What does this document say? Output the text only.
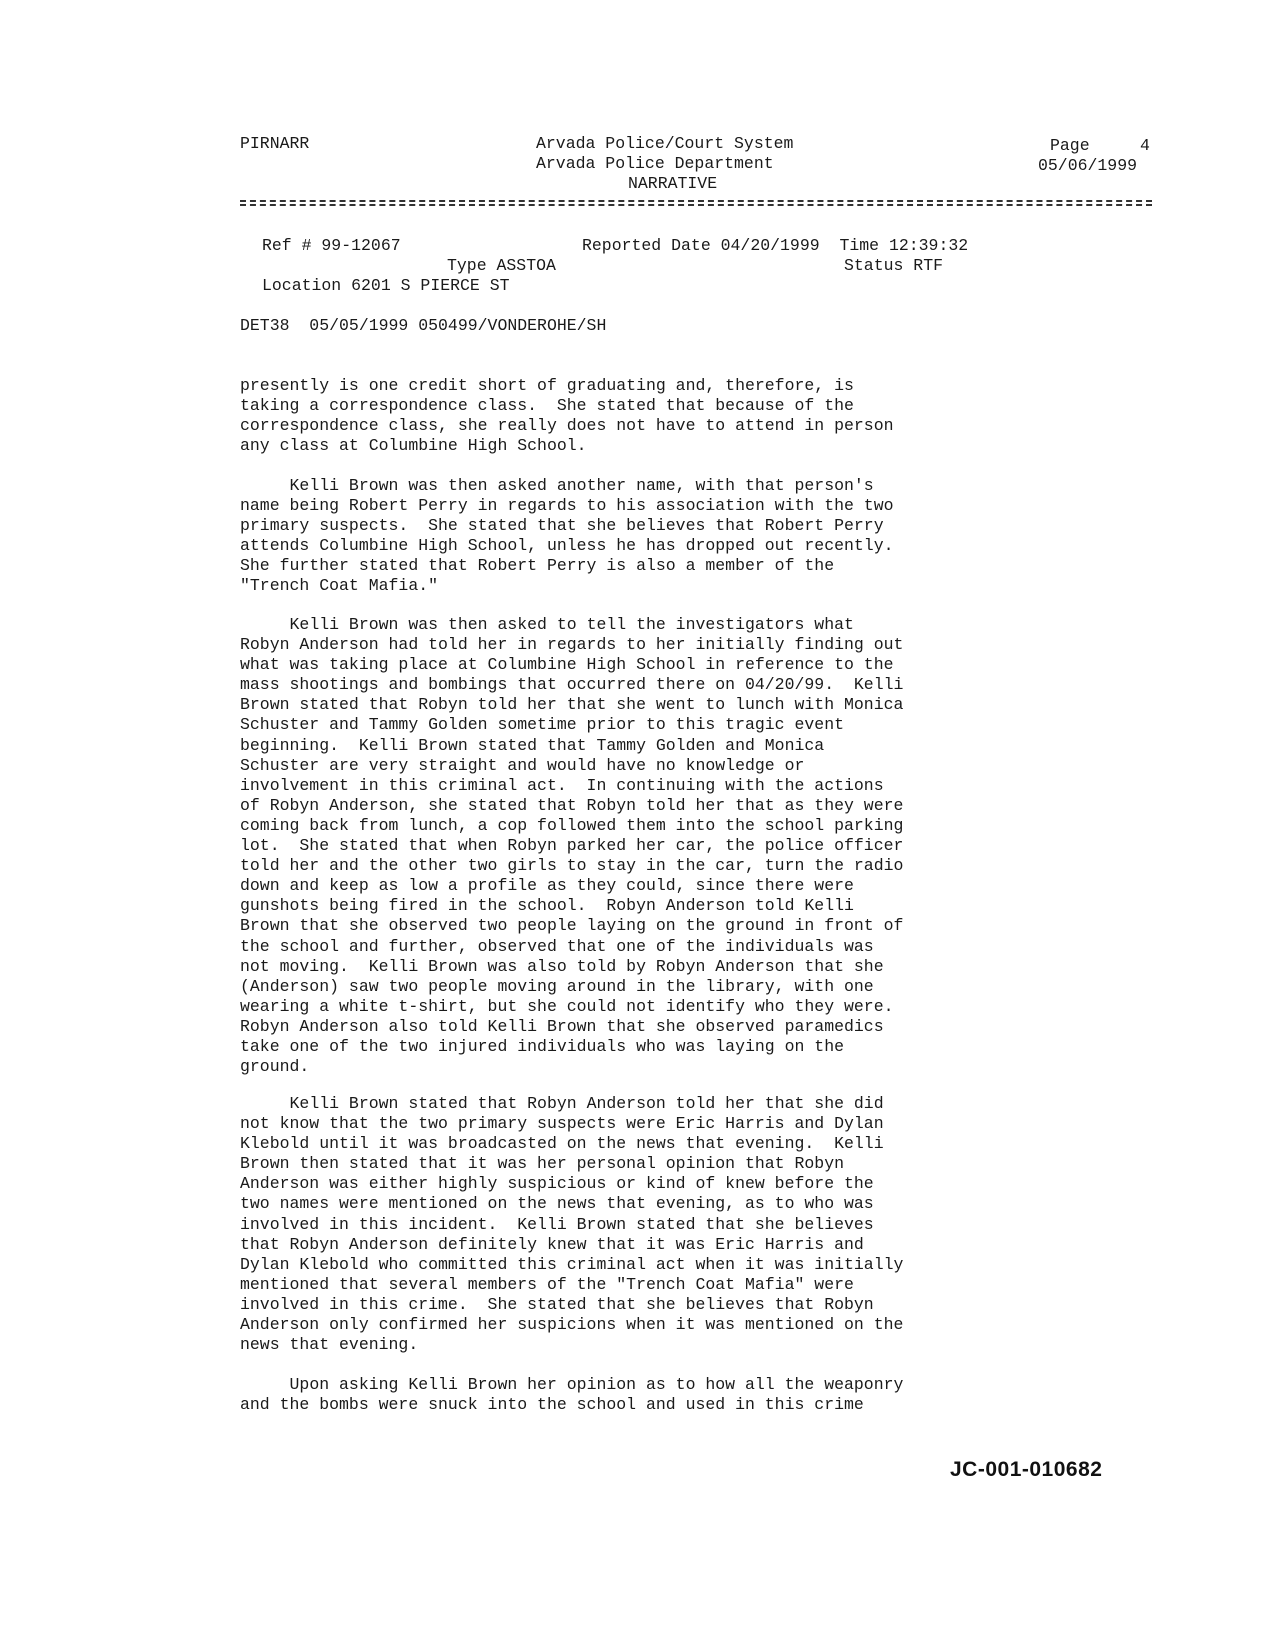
PIRNARR	Arvada Police/Court System
Arvada Police Department
NARRATIVE
Page	4
05/06/1999
Ref # 99-12067	Reported Date 04/20/1999  Time 12:39:32
Type ASSTOA	Status RTF
Location 6201 S PIERCE ST
DET38  05/05/1999 050499/VONDEROHE/SH

presently is one credit short of graduating and, therefore, is
taking a correspondence class.  She stated that because of the
correspondence class, she really does not have to attend in person
any class at Columbine High School.

Kelli Brown was then asked another name, with that person's
name being Robert Perry in regards to his association with the two
primary suspects.  She stated that she believes that Robert Perry
attends Columbine High School, unless he has dropped out recently.
She further stated that Robert Perry is also a member of the
"Trench Coat Mafia."

Kelli Brown was then asked to tell the investigators what
Robyn Anderson had told her in regards to her initially finding out
what was taking place at Columbine High School in reference to the
mass shootings and bombings that occurred there on 04/20/99.  Kelli
Brown stated that Robyn told her that she went to lunch with Monica
Schuster and Tammy Golden sometime prior to this tragic event
beginning.  Kelli Brown stated that Tammy Golden and Monica
Schuster are very straight and would have no knowledge or
involvement in this criminal act.  In continuing with the actions
of Robyn Anderson, she stated that Robyn told her that as they were
coming back from lunch, a cop followed them into the school parking
lot.  She stated that when Robyn parked her car, the police officer
told her and the other two girls to stay in the car, turn the radio
down and keep as low a profile as they could, since there were
gunshots being fired in the school.  Robyn Anderson told Kelli
Brown that she observed two people laying on the ground in front of
the school and further, observed that one of the individuals was
not moving.  Kelli Brown was also told by Robyn Anderson that she
(Anderson) saw two people moving around in the library, with one
wearing a white t-shirt, but she could not identify who they were.
Robyn Anderson also told Kelli Brown that she observed paramedics
take one of the two injured individuals who was laying on the
ground.

Kelli Brown stated that Robyn Anderson told her that she did
not know that the two primary suspects were Eric Harris and Dylan
Klebold until it was broadcasted on the news that evening.  Kelli
Brown then stated that it was her personal opinion that Robyn
Anderson was either highly suspicious or kind of knew before the
two names were mentioned on the news that evening, as to who was
involved in this incident.  Kelli Brown stated that she believes
that Robyn Anderson definitely knew that it was Eric Harris and
Dylan Klebold who committed this criminal act when it was initially
mentioned that several members of the "Trench Coat Mafia" were
involved in this crime.  She stated that she believes that Robyn
Anderson only confirmed her suspicions when it was mentioned on the
news that evening.

Upon asking Kelli Brown her opinion as to how all the weaponry
and the bombs were snuck into the school and used in this crime

JC-001-010682
